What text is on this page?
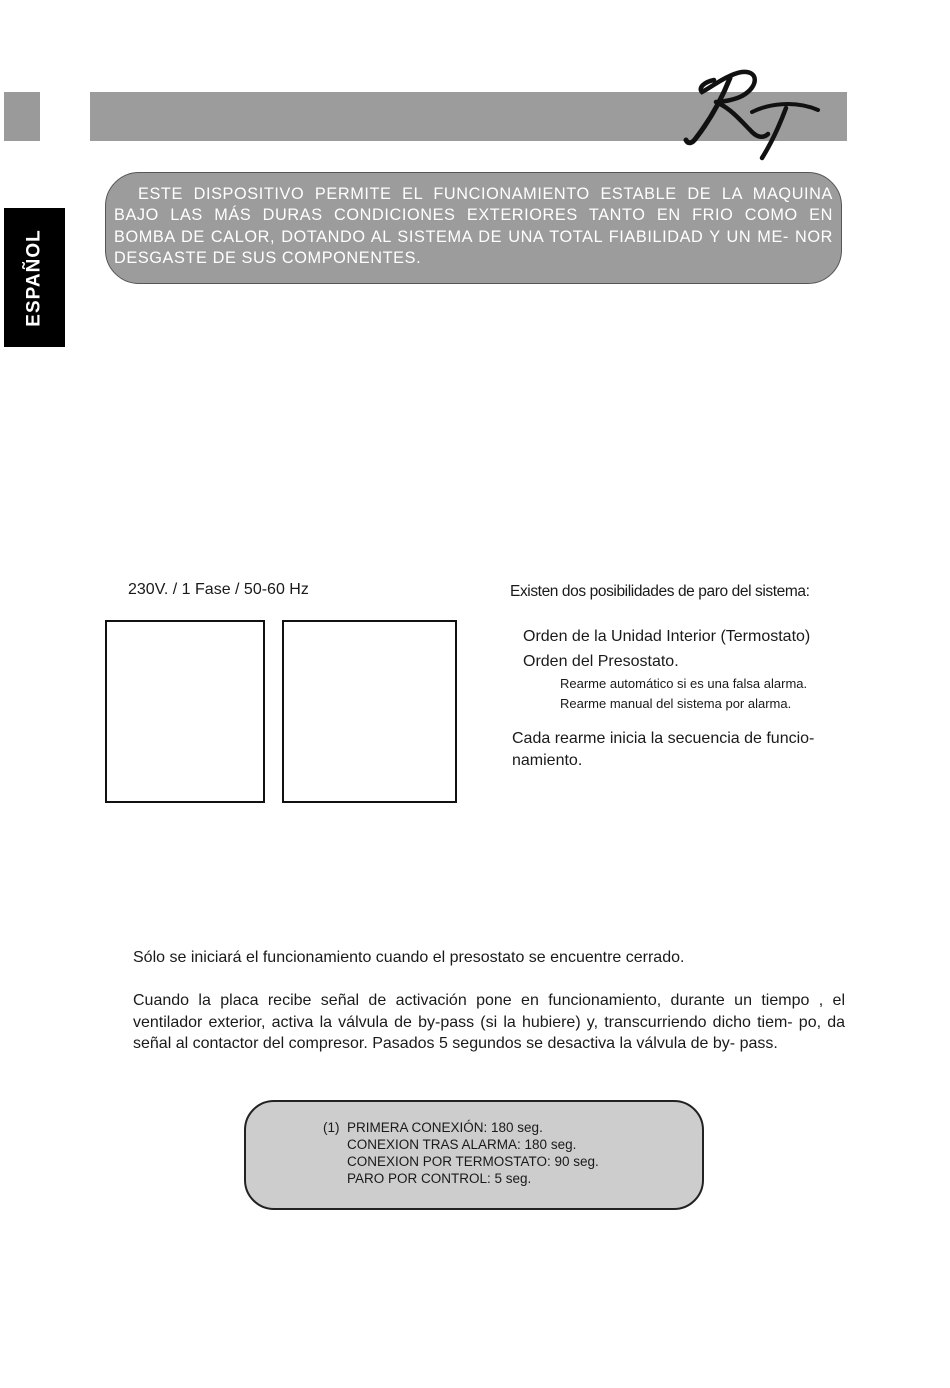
ESPAÑOL
ESTE DISPOSITIVO PERMITE EL FUNCIONAMIENTO ESTABLE DE LA MAQUINA BAJO LAS MÁS DURAS CONDICIONES EXTERIORES TANTO EN FRIO COMO EN BOMBA DE CALOR, DOTANDO AL SISTEMA DE UNA TOTAL FIABILIDAD Y UN ME- NOR DESGASTE DE SUS COMPONENTES.
230V. / 1 Fase / 50-60 Hz	Existen dos posibilidades de paro del sistema:
Orden de la Unidad Interior (Termostato)
Orden del Presostato.
Rearme automático si es una falsa alarma.
Rearme manual del sistema por alarma.
Cada rearme inicia la secuencia de funcio- namiento.
Sólo se iniciará el funcionamiento cuando el presostato se encuentre cerrado.
Cuando la placa recibe señal de activación pone en funcionamiento, durante un tiempo , el ventilador exterior, activa la válvula de by-pass (si la hubiere) y, transcurriendo dicho tiem- po, da señal al contactor del compresor. Pasados 5 segundos se desactiva la válvula de by- pass.
(1) PRIMERA CONEXIÓN: 180 seg.
CONEXION TRAS ALARMA: 180 seg.
CONEXION POR TERMOSTATO: 90 seg.
PARO POR CONTROL: 5 seg.
